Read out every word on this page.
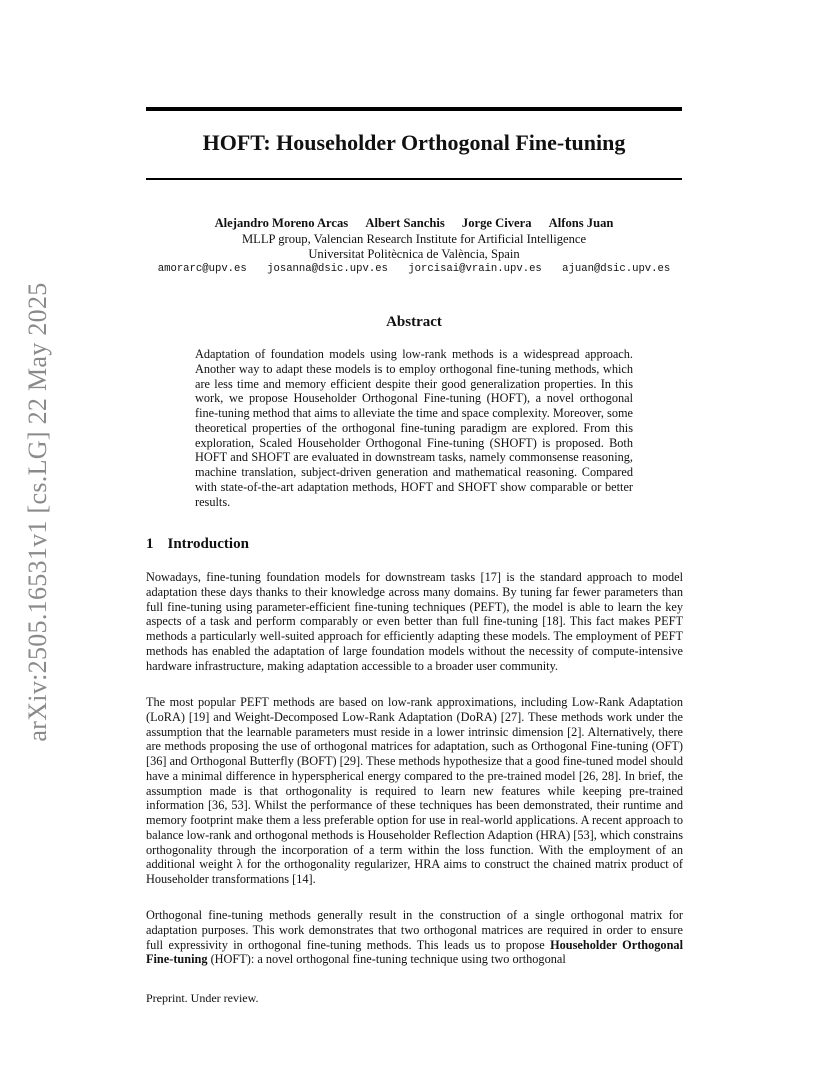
arXiv:2505.16531v1 [cs.LG] 22 May 2025
HOFT: Householder Orthogonal Fine-tuning
Alejandro Moreno Arcas Albert Sanchis Jorge Civera Alfons Juan
MLLP group, Valencian Research Institute for Artificial Intelligence
Universitat Politècnica de València, Spain
amorarc@upv.es josanna@dsic.upv.es jorcisai@vrain.upv.es ajuan@dsic.upv.es
Abstract
Adaptation of foundation models using low-rank methods is a widespread approach. Another way to adapt these models is to employ orthogonal fine-tuning methods, which are less time and memory efficient despite their good generalization properties. In this work, we propose Householder Orthogonal Fine-tuning (HOFT), a novel orthogonal fine-tuning method that aims to alleviate the time and space complexity. Moreover, some theoretical properties of the orthogonal fine-tuning paradigm are explored. From this exploration, Scaled Householder Orthogonal Fine-tuning (SHOFT) is proposed. Both HOFT and SHOFT are evaluated in downstream tasks, namely commonsense reasoning, machine translation, subject-driven generation and mathematical reasoning. Compared with state-of-the-art adaptation methods, HOFT and SHOFT show comparable or better results.
1 Introduction

Nowadays, fine-tuning foundation models for downstream tasks [17] is the standard approach to model adaptation these days thanks to their knowledge across many domains. By tuning far fewer parameters than full fine-tuning using parameter-efficient fine-tuning techniques (PEFT), the model is able to learn the key aspects of a task and perform comparably or even better than full fine-tuning [18]. This fact makes PEFT methods a particularly well-suited approach for efficiently adapting these models. The employment of PEFT methods has enabled the adaptation of large foundation models without the necessity of compute-intensive hardware infrastructure, making adaptation accessible to a broader user community.

The most popular PEFT methods are based on low-rank approximations, including Low-Rank Adaptation (LoRA) [19] and Weight-Decomposed Low-Rank Adaptation (DoRA) [27]. These methods work under the assumption that the learnable parameters must reside in a lower intrinsic dimension [2]. Alternatively, there are methods proposing the use of orthogonal matrices for adaptation, such as Orthogonal Fine-tuning (OFT) [36] and Orthogonal Butterfly (BOFT) [29]. These methods hypothesize that a good fine-tuned model should have a minimal difference in hyperspherical energy compared to the pre-trained model [26, 28]. In brief, the assumption made is that orthogonality is required to learn new features while keeping pre-trained information [36, 53]. Whilst the performance of these techniques has been demonstrated, their runtime and memory footprint make them a less preferable option for use in real-world applications. A recent approach to balance low-rank and orthogonal methods is Householder Reflection Adaption (HRA) [53], which constrains orthogonality through the incorporation of a term within the loss function. With the employment of an additional weight λ for the orthogonality regularizer, HRA aims to construct the chained matrix product of Householder transformations [14].

Orthogonal fine-tuning methods generally result in the construction of a single orthogonal matrix for adaptation purposes. This work demonstrates that two orthogonal matrices are required in order to ensure full expressivity in orthogonal fine-tuning methods. This leads us to propose Householder Orthogonal Fine-tuning (HOFT): a novel orthogonal fine-tuning technique using two orthogonal

Preprint. Under review.
